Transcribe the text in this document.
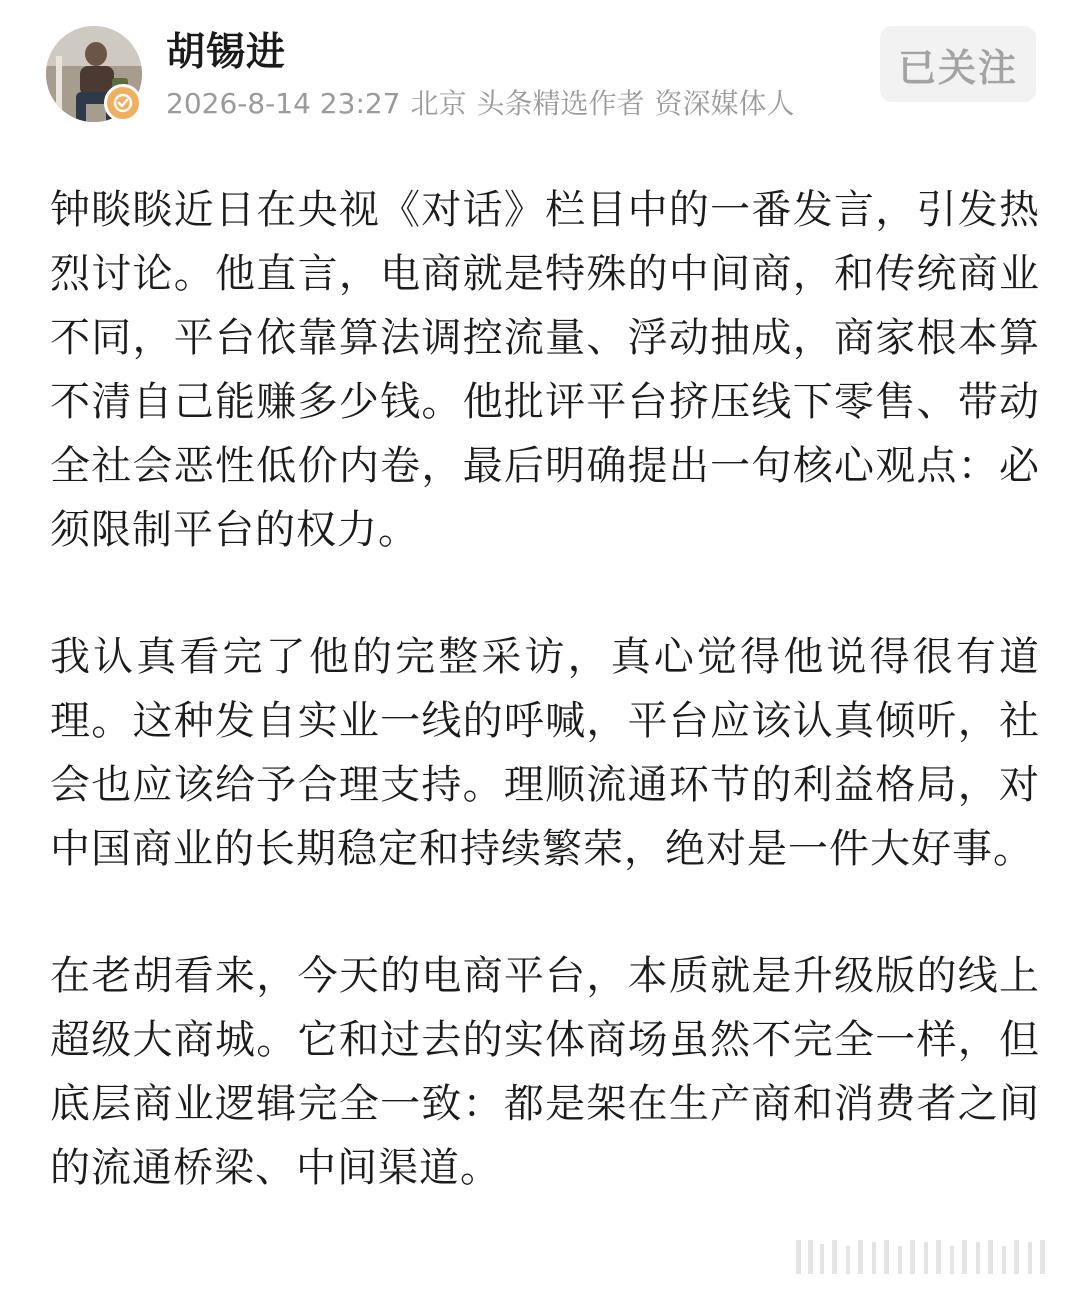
胡锡进
2026-8-14 23:27 北京 头条精选作者 资深媒体人
已关注

钟睒睒近日在央视《对话》栏目中的一番发言，引发热烈讨论。他直言，电商就是特殊的中间商，和传统商业不同，平台依靠算法调控流量、浮动抽成，商家根本算不清自己能赚多少钱。他批评平台挤压线下零售、带动全社会恶性低价内卷，最后明确提出一句核心观点：必须限制平台的权力。

我认真看完了他的完整采访，真心觉得他说得很有道理。这种发自实业一线的呼喊，平台应该认真倾听，社会也应该给予合理支持。理顺流通环节的利益格局，对中国商业的长期稳定和持续繁荣，绝对是一件大好事。

在老胡看来，今天的电商平台，本质就是升级版的线上超级大商城。它和过去的实体商场虽然不完全一样，但底层商业逻辑完全一致：都是架在生产商和消费者之间的流通桥梁、中间渠道。
